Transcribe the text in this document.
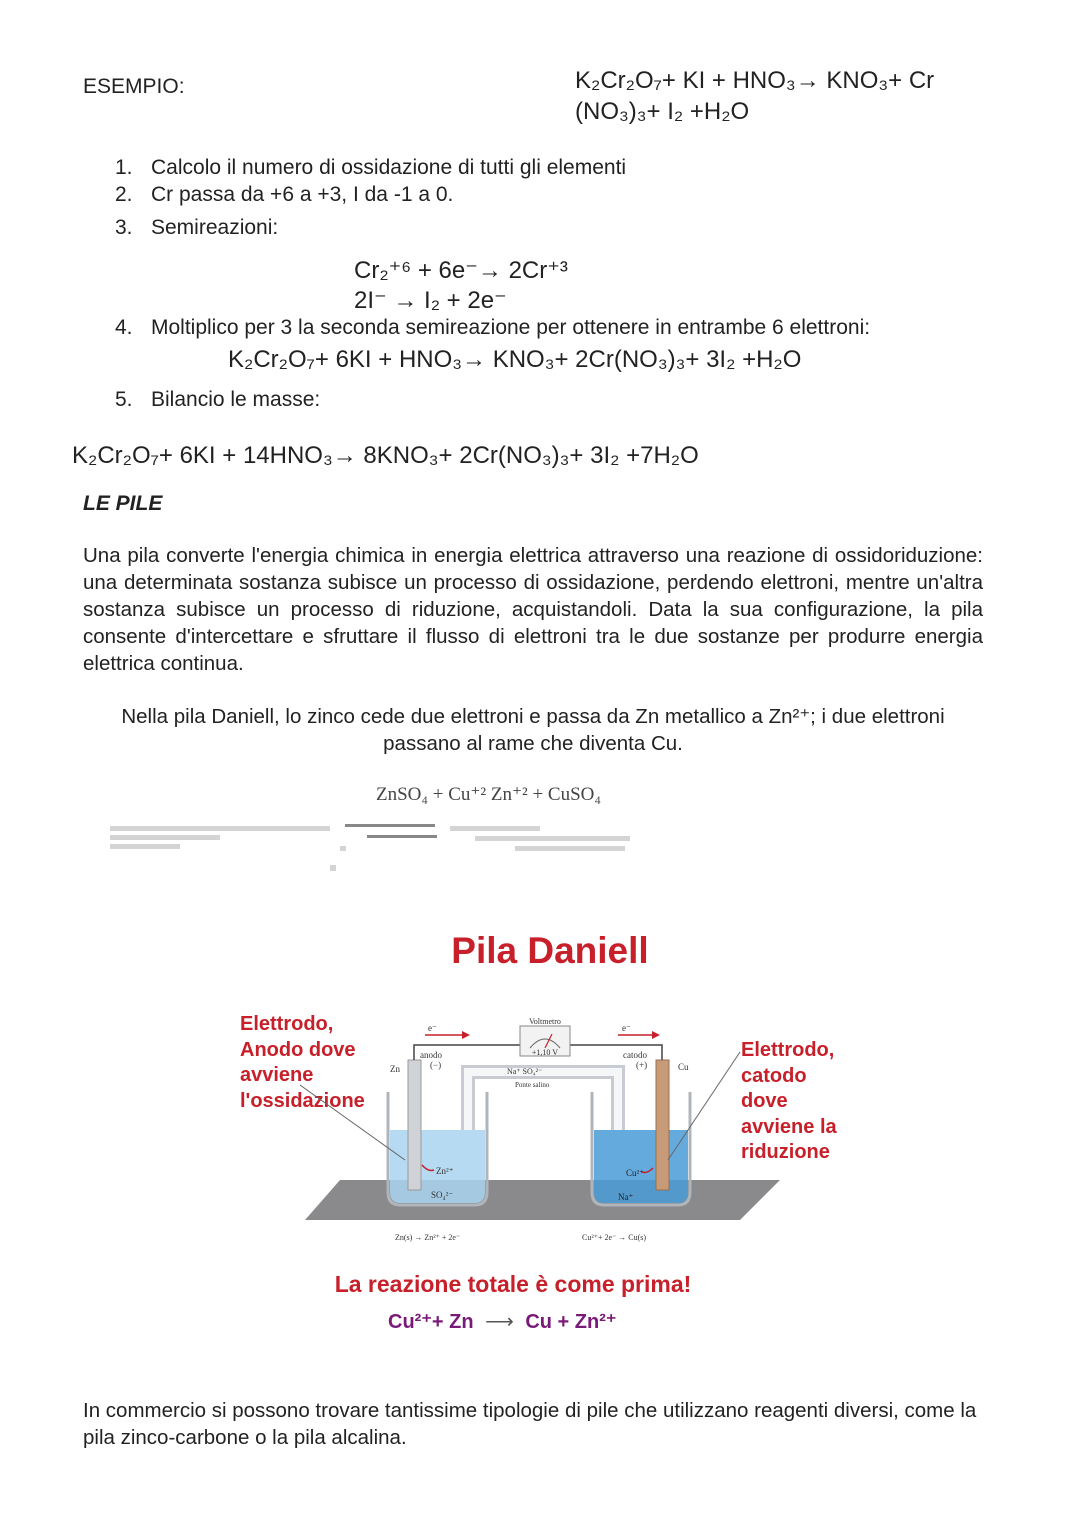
ESEMPIO:	K₂Cr₂O₇+ KI + HNO₃→ KNO₃+ Cr
(NO₃)₃+ I₂ +H₂O
1. Calcolo il numero di ossidazione di tutti gli elementi
2. Cr passa da +6 a +3, I da -1 a 0.
3. Semireazioni:
Cr₂⁺⁶ + 6e⁻→ 2Cr⁺³
2I⁻ → I₂ + 2e⁻
4. Moltiplico per 3 la seconda semireazione per ottenere in entrambe 6 elettroni:
K₂Cr₂O₇+ 6KI + HNO₃→ KNO₃+ 2Cr(NO₃)₃+ 3I₂ +H₂O
5. Bilancio le masse:
K₂Cr₂O₇+ 6KI + 14HNO₃→ 8KNO₃+ 2Cr(NO₃)₃+ 3I₂ +7H₂O
LE PILE
Una pila converte l'energia chimica in energia elettrica attraverso una reazione di ossidoriduzione: una determinata sostanza subisce un processo di ossidazione, perdendo elettroni, mentre un'altra sostanza subisce un processo di riduzione, acquistandoli. Data la sua configurazione, la pila consente d'intercettare e sfruttare il flusso di elettroni tra le due sostanze per produrre energia elettrica continua.
Nella pila Daniell, lo zinco cede due elettroni e passa da Zn metallico a Zn²⁺; i due elettroni
passano al rame che diventa Cu.
ZnSO₄ + Cu⁺² Zn⁺² + CuSO₄
Pila Daniell
Elettrodo,
Anodo dove
avviene
l'ossidazione
Elettrodo,
catodo
dove
avviene la
riduzione
Voltmetro
+1,10 V
e⁻	e⁻
anodo
(−)
catodo
(+)
Zn	Cu
Na⁺ SO₄²⁻
Ponte salino
Zn²⁺
SO₄²⁻
Cu²⁺
Na⁺
Zn(s) → Zn²⁺ + 2e⁻	Cu²⁺+ 2e⁻ → Cu(s)
La reazione totale è come prima!
Cu²⁺+ Zn ⟶ Cu + Zn²⁺
In commercio si possono trovare tantissime tipologie di pile che utilizzano reagenti diversi, come la pila zinco-carbone o la pila alcalina.
